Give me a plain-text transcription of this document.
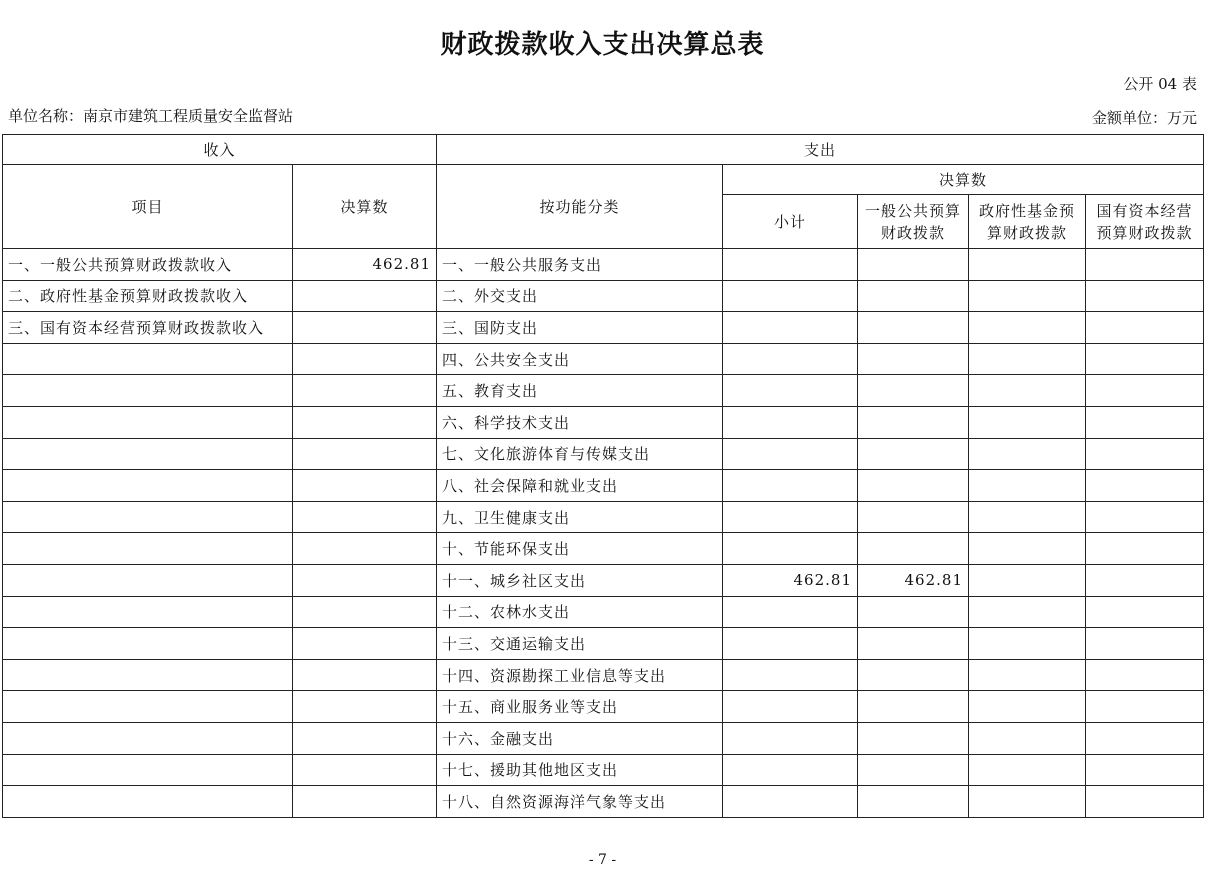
财政拨款收入支出决算总表
公开 04 表
单位名称：南京市建筑工程质量安全监督站	金额单位：万元
收入		支出				
项目	决算数	按功能分类	决算数			
			小计	一般公共预算财政拨款	政府性基金预算财政拨款	国有资本经营预算财政拨款
一、一般公共预算财政拨款收入	462.81	一、一般公共服务支出				
二、政府性基金预算财政拨款收入		二、外交支出				
三、国有资本经营预算财政拨款收入		三、国防支出				
		四、公共安全支出				
		五、教育支出				
		六、科学技术支出				
		七、文化旅游体育与传媒支出				
		八、社会保障和就业支出				
		九、卫生健康支出				
		十、节能环保支出				
		十一、城乡社区支出	462.81	462.81		
		十二、农林水支出				
		十三、交通运输支出				
		十四、资源勘探工业信息等支出				
		十五、商业服务业等支出				
		十六、金融支出				
		十七、援助其他地区支出				
		十八、自然资源海洋气象等支出				
- 7 -
